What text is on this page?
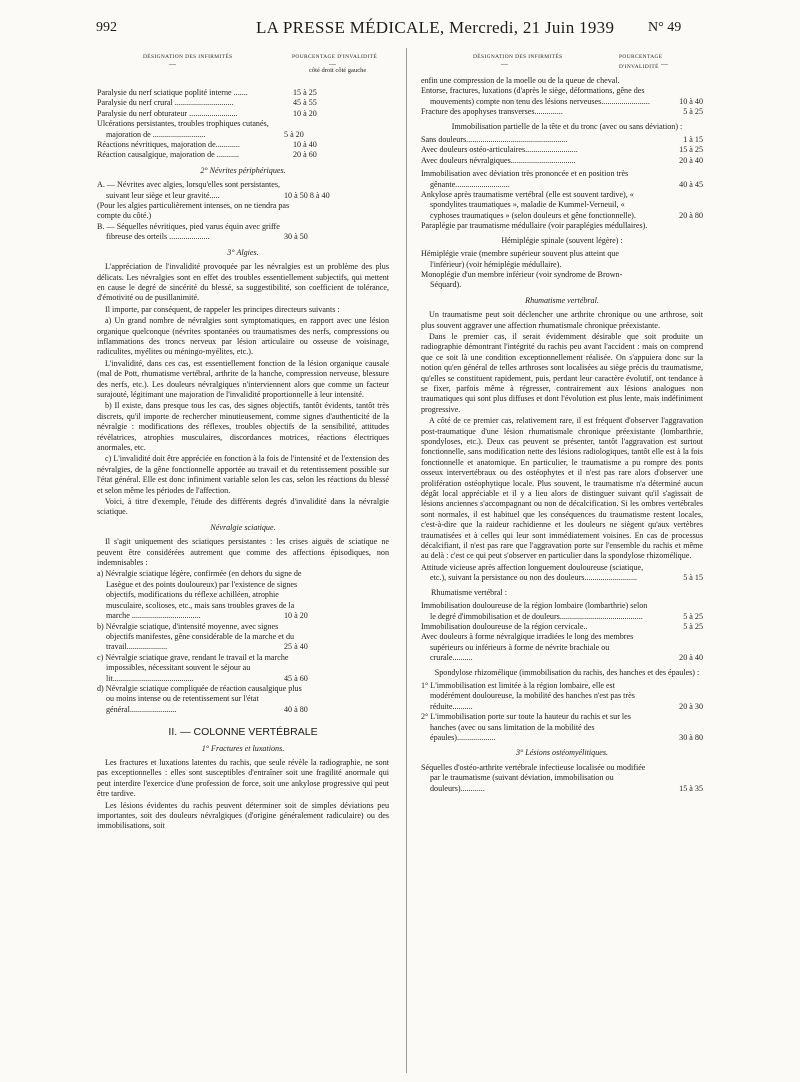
992	LA PRESSE MÉDICALE, Mercredi, 21 Juin 1939 N° 49
DÉSIGNATION DES INFIRMITÉS	POURCENTAGE D'INVALIDITÉ
—	—
côté droit côté gauche
Paralysie du nerf sciatique poplité interne .......	15 à 25
Paralysie du nerf crural .............................	45 à 55
Paralysie du nerf obturateur ........................	10 à 20
Ulcérations persistantes, troubles trophiques cutanés, majoration de ..........................	5 à 20
Réactions névritiques, majoration de............	10 à 40
Réaction causalgique, majoration de ...........	20 à 60
2° Névrites périphériques.
A. — Névrites avec algies, lorsqu'elles sont persistantes, suivant leur siège et leur gravité.....	10 à 50 8 à 40
(Pour les algies particulièrement intenses, on ne tiendra pas compte du côté.)
B. — Séquelles névritiques, pied varus équin avec griffe fibreuse des orteils ....................	30 à 50
3° Algies.

L'appréciation de l'invalidité provoquée par les névralgies est un problème des plus délicats. Les névralgies sont en effet des troubles essentiellement subjectifs, qui mettent en cause le degré de sincérité du blessé, sa suggestibilité, son coefficient de tolérance, d'émotivité ou de pusillanimité.

Il importe, par conséquent, de rappeler les principes directeurs suivants :

a) Un grand nombre de névralgies sont symptomatiques, en rapport avec une lésion organique quelconque (névrites spontanées ou traumatismes des nerfs, compressions ou inflammations des troncs nerveux par lésion articulaire ou osseuse de voisinage, radiculites, myélites ou méningo-myélites, etc.).

L'invalidité, dans ces cas, est essentiellement fonction de la lésion organique causale (mal de Pott, rhumatisme vertébral, arthrite de la hanche, compression nerveuse, blessure des nerfs, etc.). Les douleurs névralgiques n'interviennent alors que comme un facteur surajouté, légitimant une majoration de l'invalidité proportionnelle à leur intensité.

b) Il existe, dans presque tous les cas, des signes objectifs, tantôt évidents, tantôt très discrets, qu'il importe de rechercher minutieusement, comme signes d'authenticité de la névralgie : modifications des réflexes, troubles objectifs de la sensibilité, attitudes révélatrices, atrophies musculaires, discordances motrices, réactions électriques anormales, etc.

c) L'invalidité doit être appréciée en fonction à la fois de l'intensité et de l'extension des névralgies, de la gêne fonctionnelle apportée au travail et du retentissement possible sur l'état général. Elle est donc infiniment variable selon les cas, selon les réactions du blessé et selon même les périodes de l'affection.

Voici, à titre d'exemple, l'étude des différents degrés d'invalidité dans la névralgie sciatique.

Névralgie sciatique.

Il s'agit uniquement des sciatiques persistantes : les crises aiguës de sciatique ne peuvent être considérées autrement que comme des affections épisodiques, non indemnisables :

a) Névralgie sciatique légère, confirmée (en dehors du signe de Lasègue et des points douloureux) par l'existence de signes objectifs, modifications du réflexe achilléen, atrophie musculaire, scolioses, etc., mais sans troubles graves de la marche ..................................	10 à 20
b) Névralgie sciatique, d'intensité moyenne, avec signes objectifs manifestes, gêne considérable de la marche et du travail....................	25 à 40
c) Névralgie sciatique grave, rendant le travail et la marche impossibles, nécessitant souvent le séjour au lit........................................	45 à 60
d) Névralgie sciatique compliquée de réaction causalgique plus ou moins intense ou de retentissement sur l'état général.......................	40 à 80
II. — COLONNE VERTÉBRALE
1° Fractures et luxations.

Les fractures et luxations latentes du rachis, que seule révèle la radiographie, ne sont pas exceptionnelles : elles sont susceptibles d'entraîner soit une fragilité anormale qui peut interdire l'exercice d'une profession de force, soit une ankylose progressive qui peut être tardive.

Les lésions évidentes du rachis peuvent déterminer soit de simples déviations peu importantes, soit des douleurs névralgiques (d'origine généralement radiculaire) ou des immobilisations, soit

DÉSIGNATION DES INFIRMITÉS	POURCENTAGE D'INVALIDITÉ
—	—
enfin une compression de la moelle ou de la queue de cheval.
Entorse, fractures, luxations (d'après le siège, déformations, gêne des mouvements) compte non tenu des lésions nerveuses........................	10 à 40
Fracture des apophyses transverses..............	5 à 25
Immobilisation partielle de la tête et du tronc (avec ou sans déviation) :
Sans douleurs..................................................	1 à 15
Avec douleurs ostéo-articulaires..........................	15 à 25
Avec douleurs névralgiques................................	20 à 40
Immobilisation avec déviation très prononcée et en position très gênante...........................	40 à 45
Ankylose après traumatisme vertébral (elle est souvent tardive), « spondylites traumatiques », maladie de Kummel-Verneuil, « cyphoses traumatiques » (selon douleurs et gêne fonctionnelle).	20 à 80
Paraplégie par traumatisme médullaire (voir paraplégies médullaires).
Hémiplégie spinale (souvent légère) :
Hémiplégie vraie (membre supérieur souvent plus atteint que l'inférieur) (voir hémiplégie médullaire).
Monoplégie d'un membre inférieur (voir syndrome de Brown-Séquard).
Rhumatisme vertébral.

Un traumatisme peut soit déclencher une arthrite chronique ou une arthrose, soit plus souvent aggraver une affection rhumatismale chronique préexistante.

Dans le premier cas, il serait évidemment désirable que soit produite un radiographie démontrant l'intégrité du rachis peu avant l'accident : mais on comprend que ce soit là une condition exceptionnellement réalisée. On s'appuiera donc sur la notion qu'en général de telles arthroses sont localisées au siège précis du traumatisme, qu'elles se constituent rapidement, puis, perdant leur caractère évolutif, ont tendance à se fixer, parfois même à régresser, contrairement aux lésions analogues non traumatiques qui sont plus diffuses et dont l'évolution est plus lente, mais indéfiniment progressive.

A côté de ce premier cas, relativement rare, il est fréquent d'observer l'aggravation post-traumatique d'une lésion rhumatismale chronique préexistante (lombarthrie, spondyloses, etc.). Deux cas peuvent se présenter, tantôt l'aggravation est surtout fonctionnelle, sans modification nette des lésions radiologiques, tantôt elle est à la fois fonctionnelle et anatomique. En particulier, le traumatisme a pu rompre des ponts osseux intervertébraux ou des ostéophytes et il n'est pas rare alors d'observer une prolifération ostéophytique locale. Plus souvent, le traumatisme n'a déterminé aucun dégât local appréciable et il y a lieu alors de distinguer suivant qu'il s'agissait de lésions anciennes s'accompagnant ou non de décalcification. Si les ombres vertébrales sont normales, il est habituel que les conséquences du traumatisme restent locales, c'est-à-dire que la raideur rachidienne et les douleurs ne siègent qu'aux vertèbres traumatisées et à celles qui leur sont immédiatement voisines. En cas de processus décalcifiant, il n'est pas rare que l'aggravation porte sur l'ensemble du rachis et même au delà : c'est ce qui peut s'observer en particulier dans la spondylose rhizomélique.

Attitude vicieuse après affection longuement douloureuse (sciatique, etc.), suivant la persistance ou non des douleurs..........................	5 à 15
Rhumatisme vertébral :
Immobilisation douloureuse de la région lombaire (lombarthrie) selon le degré d'immobilisation et de douleurs.........................................	5 à 25
Immobilisation douloureuse de la région cervicale..	5 à 25
Avec douleurs à forme névralgique irradiées le long des membres supérieurs ou inférieurs à forme de névrite brachiale ou crurale..........	20 à 40
Spondylose rhizomélique (immobilisation du rachis, des hanches et des épaules) :
1° L'immobilisation est limitée à la région lombaire, elle est modérément douloureuse, la mobilité des hanches n'est pas très réduite..........	20 à 30
2° L'immobilisation porte sur toute la hauteur du rachis et sur les hanches (avec ou sans limitation de la mobilité des épaules)...................	30 à 80
3° Lésions ostéomyélitiques.
Séquelles d'ostéo-arthrite vertébrale infectieuse localisée ou modifiée par le traumatisme (suivant déviation, immobilisation ou douleurs)............	15 à 35
